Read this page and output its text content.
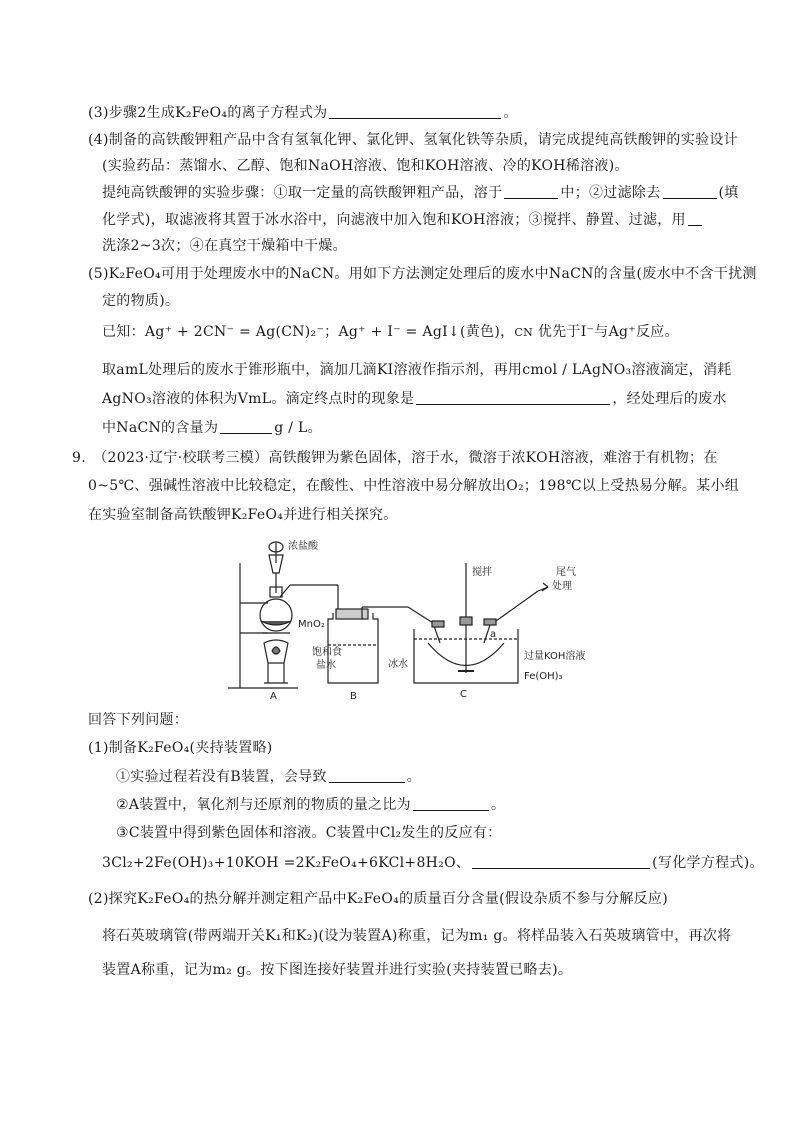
(3)步骤2生成K₂FeO₄的离子方程式为	。
(4)制备的高铁酸钾粗产品中含有氢氧化钾、氯化钾、氢氧化铁等杂质，请完成提纯高铁酸钾的实验设计
(实验药品：蒸馏水、乙醇、饱和NaOH溶液、饱和KOH溶液、冷的KOH稀溶液)。
提纯高铁酸钾的实验步骤：①取一定量的高铁酸钾粗产品，溶于	中；②过滤除去	(填
化学式)，取滤液将其置于冰水浴中，向滤液中加入饱和KOH溶液；③搅拌、静置、过滤，用
洗涤2~3次；④在真空干燥箱中干燥。
(5)K₂FeO₄可用于处理废水中的NaCN。用如下方法测定处理后的废水中NaCN的含量(废水中不含干扰测
定的物质)。
已知：Ag⁺ + 2CN⁻ = Ag(CN)₂⁻；Ag⁺ + I⁻ = AgI↓(黄色)，CN 优先于I⁻与Ag⁺反应。
取amL处理后的废水于锥形瓶中，滴加几滴KI溶液作指示剂，再用cmol / LAgNO₃溶液滴定，消耗
AgNO₃溶液的体积为VmL。滴定终点时的现象是	，经处理后的废水
中NaCN的含量为	g / L。
9.　（2023·辽宁·校联考三模）高铁酸钾为紫色固体，溶于水，微溶于浓KOH溶液，难溶于有机物；在
0~5℃、强碱性溶液中比较稳定，在酸性、中性溶液中易分解放出O₂；198℃以上受热易分解。某小组
在实验室制备高铁酸钾K₂FeO₄并进行相关探究。
浓盐酸
MnO₂
A
饱和食
盐水
B
搅拌	尾气
处理
a
过量KOH溶液
冰水
Fe(OH)₃
C
回答下列问题：
(1)制备K₂FeO₄(夹持装置略)
①实验过程若没有B装置，会导致	。
②A装置中，氧化剂与还原剂的物质的量之比为	。
③C装置中得到紫色固体和溶液。C装置中Cl₂发生的反应有：
3Cl₂+2Fe(OH)₃+10KOH =2K₂FeO₄+6KCl+8H₂O、	(写化学方程式)。
(2)探究K₂FeO₄的热分解并测定粗产品中K₂FeO₄的质量百分含量(假设杂质不参与分解反应)
将石英玻璃管(带两端开关K₁和K₂)(设为装置A)称重，记为m₁ g。将样品装入石英玻璃管中，再次将
装置A称重，记为m₂ g。按下图连接好装置并进行实验(夹持装置已略去)。
